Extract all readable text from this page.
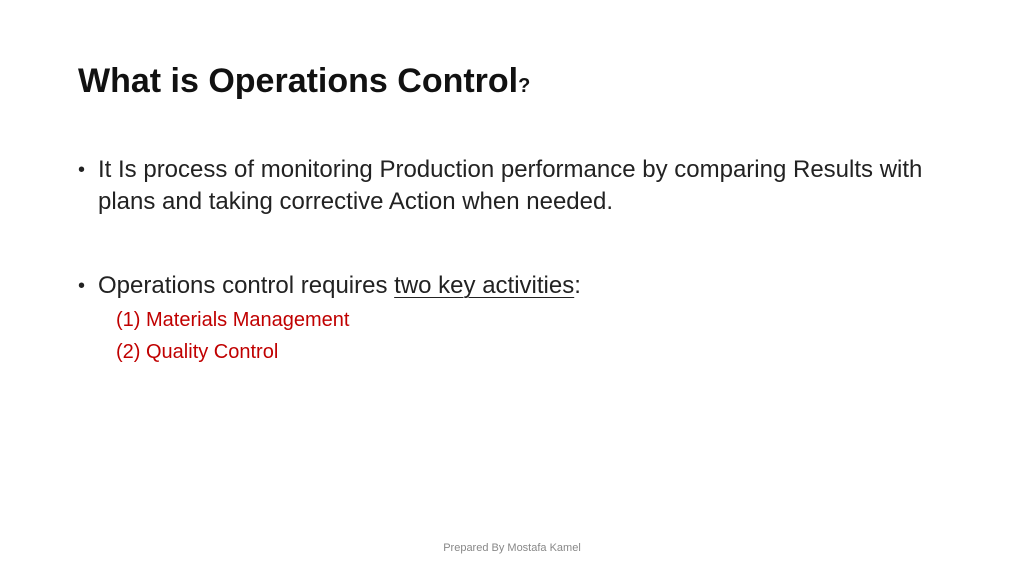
What is Operations Control?
• It Is process of monitoring Production performance by comparing Results with plans and taking corrective Action when needed.
• Operations control requires two key activities:
(1) Materials Management
(2) Quality Control
Prepared By Mostafa Kamel
